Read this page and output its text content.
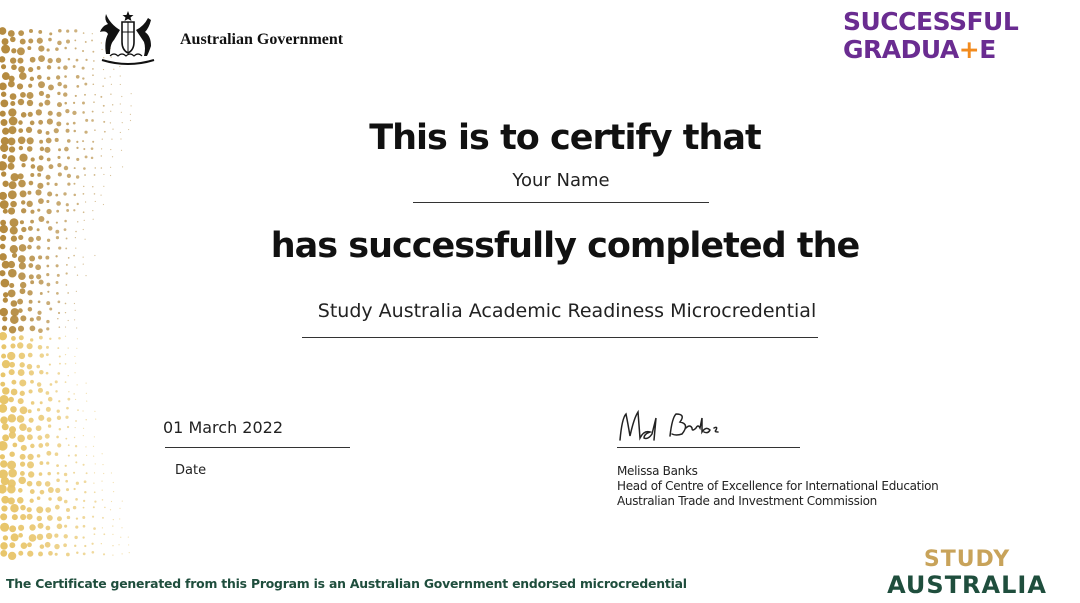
Australian Government
SUCCESSFUL
GRADUA+E
This is to certify that
Your Name
has successfully completed the
Study Australia Academic Readiness Microcredential
01 March 2022
Date	Melissa Banks
Head of Centre of Excellence for International Education
Australian Trade and Investment Commission
The Certificate generated from this Program is an Australian Government endorsed microcredential
STUDY
AUSTRALIA
